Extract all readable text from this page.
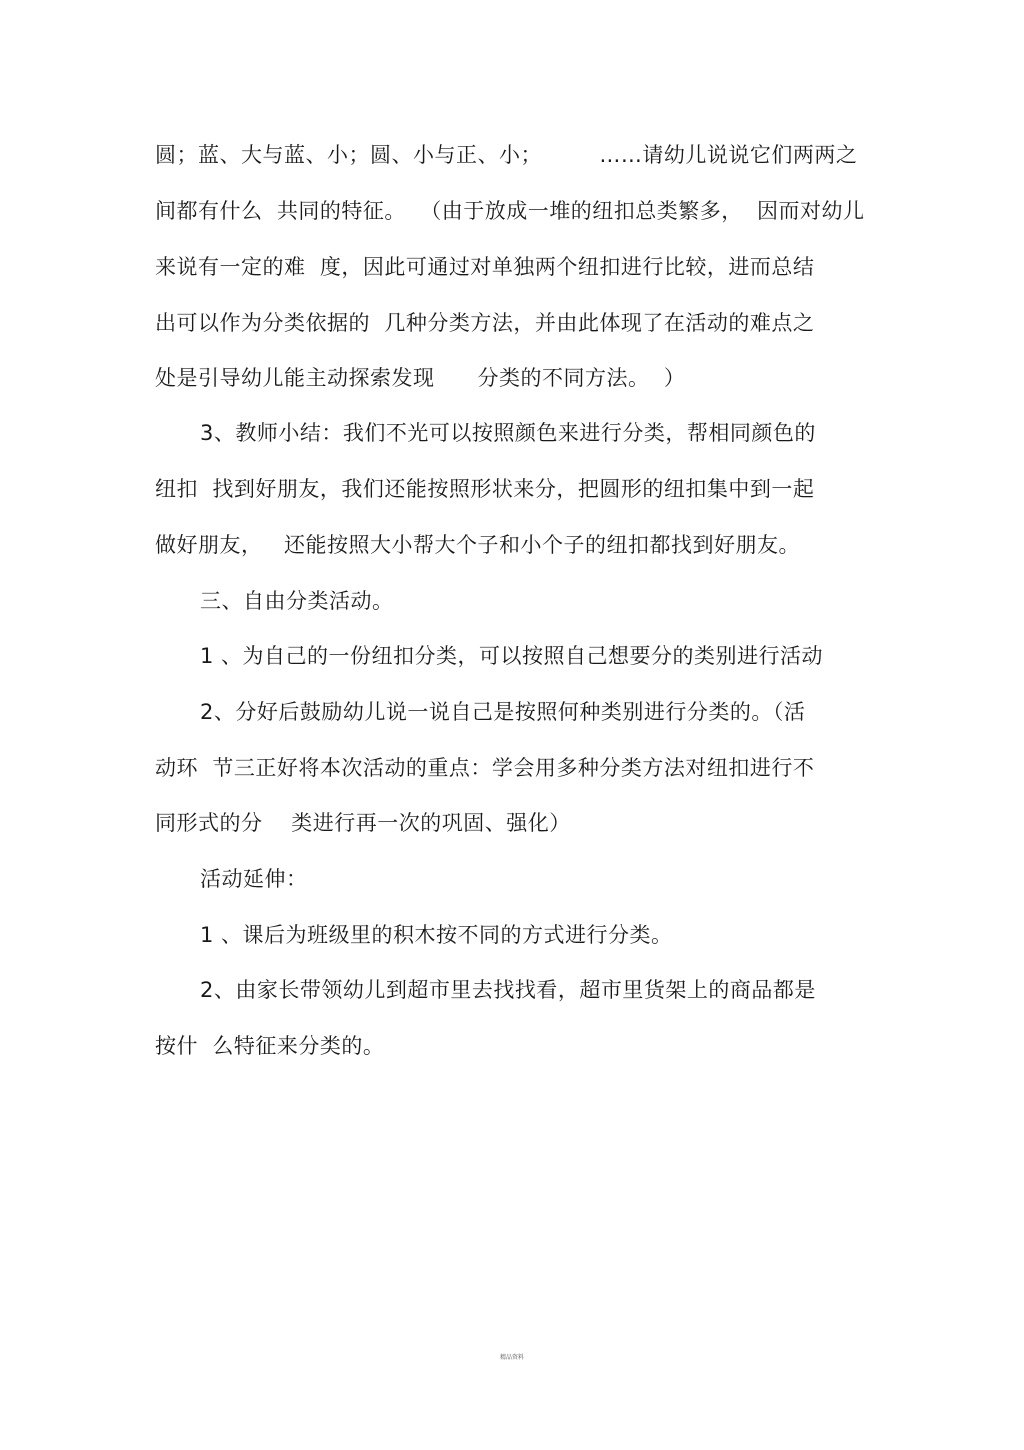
圆；蓝、大与蓝、小；圆、小与正、小；        ……请幼儿说说它们两两之
间都有什么  共同的特征。  （由于放成一堆的纽扣总类繁多，  因而对幼儿
来说有一定的难  度，因此可通过对单独两个纽扣进行比较，进而总结
出可以作为分类依据的  几种分类方法，并由此体现了在活动的难点之
处是引导幼儿能主动探索发现      分类的不同方法。  ）
3、教师小结：我们不光可以按照颜色来进行分类，帮相同颜色的
纽扣  找到好朋友，我们还能按照形状来分，把圆形的纽扣集中到一起
做好朋友，   还能按照大小帮大个子和小个子的纽扣都找到好朋友。
三、自由分类活动。
1 、为自己的一份纽扣分类，可以按照自己想要分的类别进行活动
2、分好后鼓励幼儿说一说自己是按照何种类别进行分类的。（活
动环  节三正好将本次活动的重点：学会用多种分类方法对纽扣进行不
同形式的分    类进行再一次的巩固、强化）
活动延伸：
1 、课后为班级里的积木按不同的方式进行分类。
2、由家长带领幼儿到超市里去找找看，超市里货架上的商品都是
按什  么特征来分类的。
精品资料
